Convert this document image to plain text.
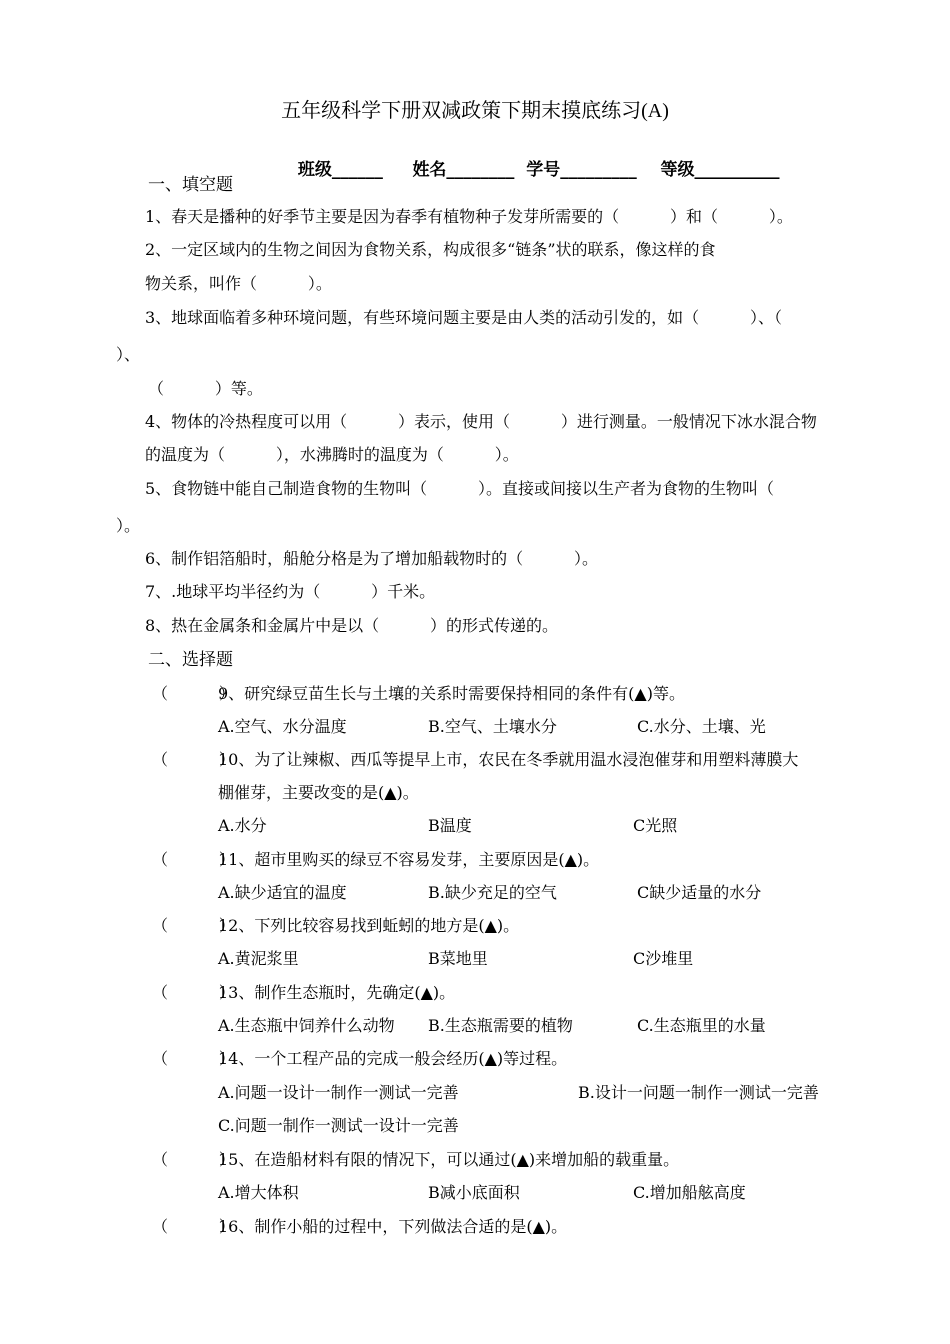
五年级科学下册双减政策下期末摸底练习(A)

班级______ 姓名________ 学号_________ 等级__________

一、填空题
1、春天是播种的好季节主要是因为春季有植物种子发芽所需要的（          ）和（          ）。
2、一定区域内的生物之间因为食物关系，构成很多“链条”状的联系，像这样的食
物关系，叫作（          ）。
3、地球面临着多种环境问题，有些环境问题主要是由人类的活动引发的，如（          ）、（
）、
（          ）等。
4、物体的冷热程度可以用（          ）表示，使用（          ）进行测量。一般情况下冰水混合物
的温度为（          ），水沸腾时的温度为（          ）。
5、食物链中能自己制造食物的生物叫（          ）。直接或间接以生产者为食物的生物叫（
）。
6、制作铝箔船时，船舱分格是为了增加船载物时的（          ）。
7、.地球平均半径约为（          ）千米。
8、热在金属条和金属片中是以（          ）的形式传递的。
二、选择题
（          ）
9、研究绿豆苗生长与土壤的关系时需要保持相同的条件有(▲)等。
A.空气、水分温度	B.空气、土壤水分	C.水分、土壤、光
（          ）
10、为了让辣椒、西瓜等提早上市，农民在冬季就用温水浸泡催芽和用塑料薄膜大
棚催芽，主要改变的是(▲)。
A.水分	B温度	C光照
（          ）
11、超市里购买的绿豆不容易发芽，主要原因是(▲)。
A.缺少适宜的温度	B.缺少充足的空气	C缺少适量的水分
（          ）
12、下列比较容易找到蚯蚓的地方是(▲)。
A.黄泥浆里	B菜地里	C沙堆里
（          ）
13、制作生态瓶时，先确定(▲)。
A.生态瓶中饲养什么动物 B.生态瓶需要的植物	C.生态瓶里的水量
（          ）
14、一个工程产品的完成一般会经历(▲)等过程。
A.问题一设计一制作一测试一完善	B.设计一问题一制作一测试一完善
C.问题一制作一测试一设计一完善
（          ）
15、在造船材料有限的情况下，可以通过(▲)来增加船的载重量。
A.增大体积	B减小底面积	C.增加船舷高度
（          ）
16、制作小船的过程中，下列做法合适的是(▲)。
